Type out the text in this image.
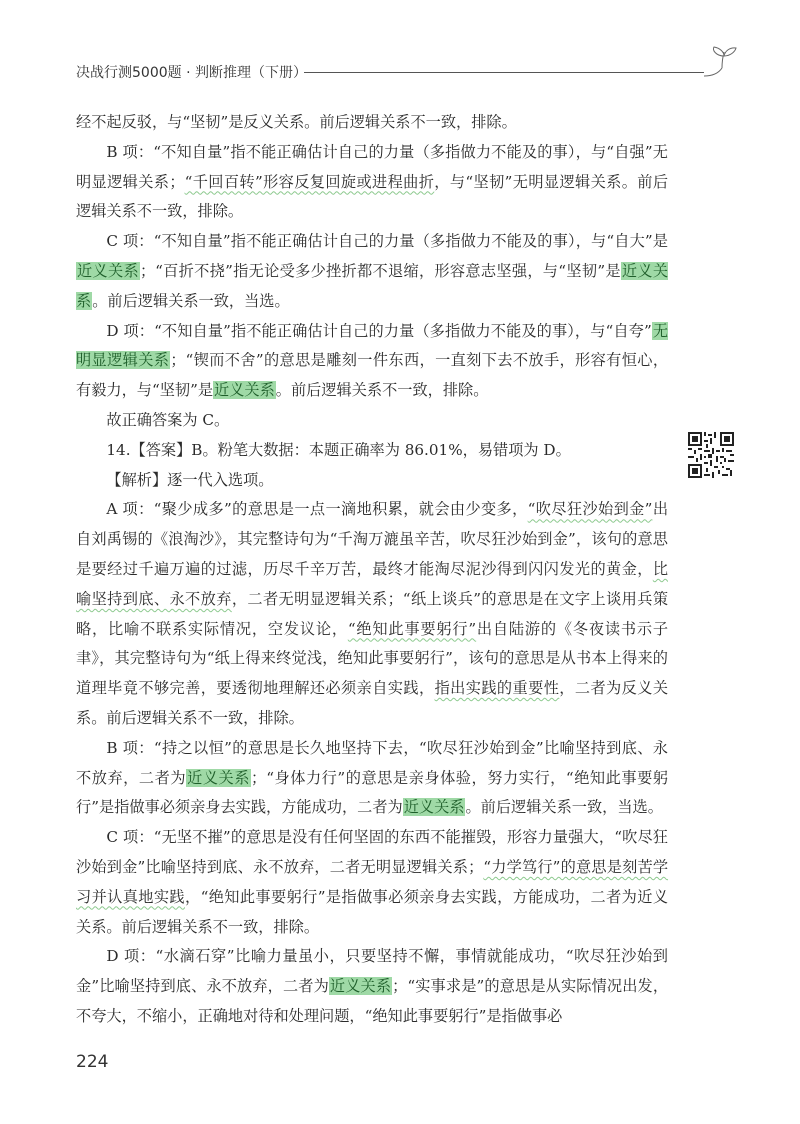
决战行测5000题 · 判断推理（下册）

经不起反驳，与“坚韧”是反义关系。前后逻辑关系不一致，排除。

B 项：“不知自量”指不能正确估计自己的力量（多指做力不能及的事），与“自强”无明显逻辑关系；“千回百转”形容反复回旋或进程曲折，与“坚韧”无明显逻辑关系。前后逻辑关系不一致，排除。

C 项：“不知自量”指不能正确估计自己的力量（多指做力不能及的事），与“自大”是近义关系；“百折不挠”指无论受多少挫折都不退缩，形容意志坚强，与“坚韧”是近义关系。前后逻辑关系一致，当选。

D 项：“不知自量”指不能正确估计自己的力量（多指做力不能及的事），与“自夸”无明显逻辑关系；“锲而不舍”的意思是雕刻一件东西，一直刻下去不放手，形容有恒心，有毅力，与“坚韧”是近义关系。前后逻辑关系不一致，排除。

故正确答案为 C。

14.【答案】B。粉笔大数据：本题正确率为 86.01%，易错项为 D。

【解析】逐一代入选项。

A 项：“聚少成多”的意思是一点一滴地积累，就会由少变多，“吹尽狂沙始到金”出自刘禹锡的《浪淘沙》，其完整诗句为“千淘万漉虽辛苦，吹尽狂沙始到金”，该句的意思是要经过千遍万遍的过滤，历尽千辛万苦，最终才能淘尽泥沙得到闪闪发光的黄金，比喻坚持到底、永不放弃，二者无明显逻辑关系；“纸上谈兵”的意思是在文字上谈用兵策略，比喻不联系实际情况，空发议论，“绝知此事要躬行”出自陆游的《冬夜读书示子聿》，其完整诗句为“纸上得来终觉浅，绝知此事要躬行”，该句的意思是从书本上得来的道理毕竟不够完善，要透彻地理解还必须亲自实践，指出实践的重要性，二者为反义关系。前后逻辑关系不一致，排除。

B 项：“持之以恒”的意思是长久地坚持下去，“吹尽狂沙始到金”比喻坚持到底、永不放弃，二者为近义关系；“身体力行”的意思是亲身体验，努力实行，“绝知此事要躬行”是指做事必须亲身去实践，方能成功，二者为近义关系。前后逻辑关系一致，当选。

C 项：“无坚不摧”的意思是没有任何坚固的东西不能摧毁，形容力量强大，“吹尽狂沙始到金”比喻坚持到底、永不放弃，二者无明显逻辑关系；“力学笃行”的意思是刻苦学习并认真地实践，“绝知此事要躬行”是指做事必须亲身去实践，方能成功，二者为近义关系。前后逻辑关系不一致，排除。

D 项：“水滴石穿”比喻力量虽小，只要坚持不懈，事情就能成功，“吹尽狂沙始到金”比喻坚持到底、永不放弃，二者为近义关系；“实事求是”的意思是从实际情况出发，不夸大，不缩小，正确地对待和处理问题，“绝知此事要躬行”是指做事必

224
